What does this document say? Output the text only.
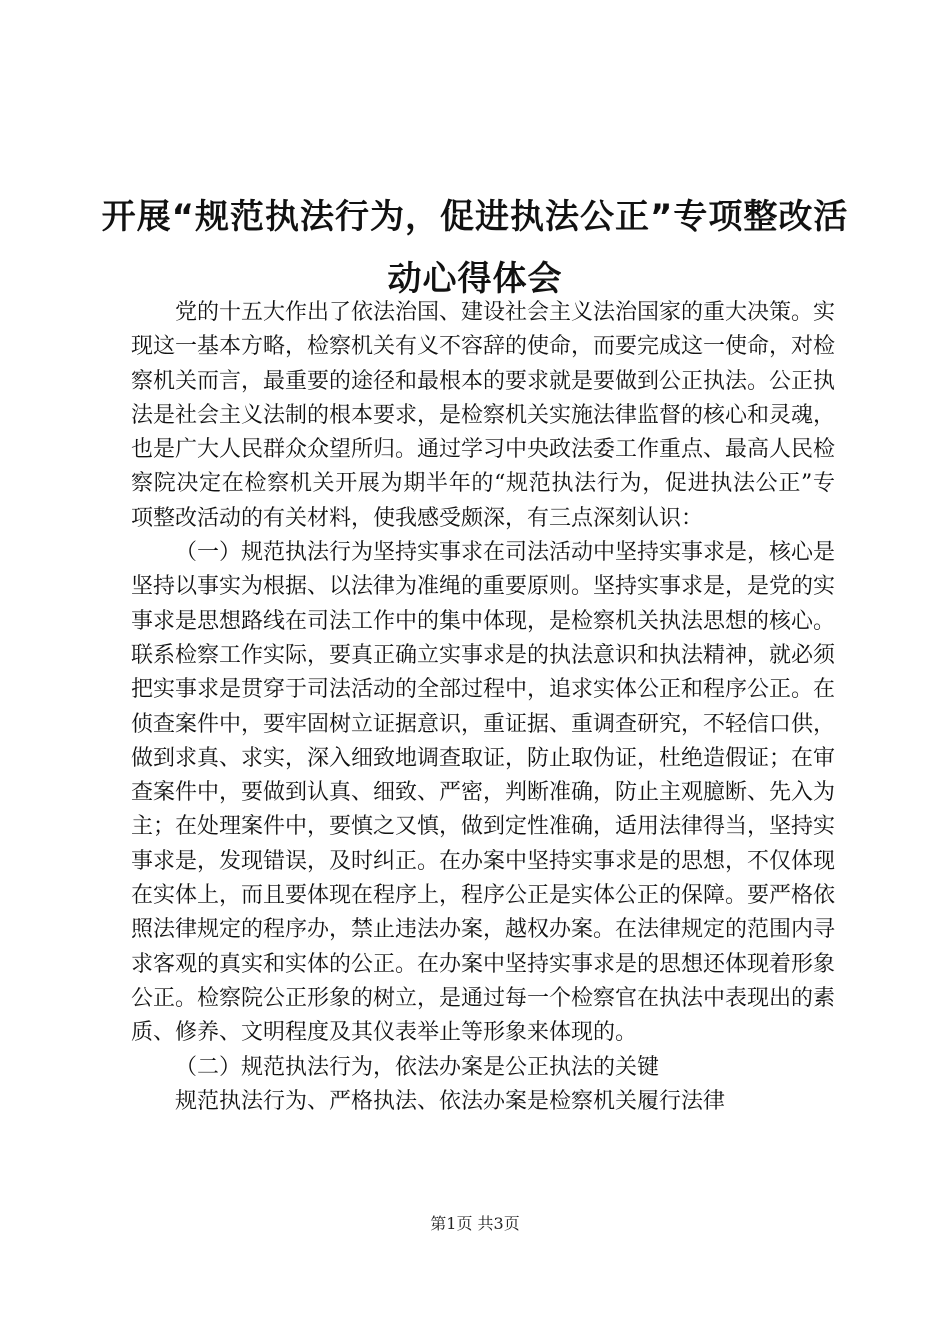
开展“规范执法行为，促进执法公正”专项整改活动心得体会

党的十五大作出了依法治国、建设社会主义法治国家的重大决策。实现这一基本方略，检察机关有义不容辞的使命，而要完成这一使命，对检察机关而言，最重要的途径和最根本的要求就是要做到公正执法。公正执法是社会主义法制的根本要求，是检察机关实施法律监督的核心和灵魂，也是广大人民群众众望所归。通过学习中央政法委工作重点、最高人民检察院决定在检察机关开展为期半年的“规范执法行为，促进执法公正”专项整改活动的有关材料，使我感受颇深，有三点深刻认识：

（一）规范执法行为坚持实事求在司法活动中坚持实事求是，核心是坚持以事实为根据、以法律为准绳的重要原则。坚持实事求是，是党的实事求是思想路线在司法工作中的集中体现，是检察机关执法思想的核心。联系检察工作实际，要真正确立实事求是的执法意识和执法精神，就必须把实事求是贯穿于司法活动的全部过程中，追求实体公正和程序公正。在侦查案件中，要牢固树立证据意识，重证据、重调查研究，不轻信口供，做到求真、求实，深入细致地调查取证，防止取伪证，杜绝造假证；在审查案件中，要做到认真、细致、严密，判断准确，防止主观臆断、先入为主；在处理案件中，要慎之又慎，做到定性准确，适用法律得当，坚持实事求是，发现错误，及时纠正。在办案中坚持实事求是的思想，不仅体现在实体上，而且要体现在程序上，程序公正是实体公正的保障。要严格依照法律规定的程序办，禁止违法办案，越权办案。在法律规定的范围内寻求客观的真实和实体的公正。在办案中坚持实事求是的思想还体现着形象公正。检察院公正形象的树立，是通过每一个检察官在执法中表现出的素质、修养、文明程度及其仪表举止等形象来体现的。

（二）规范执法行为，依法办案是公正执法的关键

规范执法行为、严格执法、依法办案是检察机关履行法律

第1页 共3页
